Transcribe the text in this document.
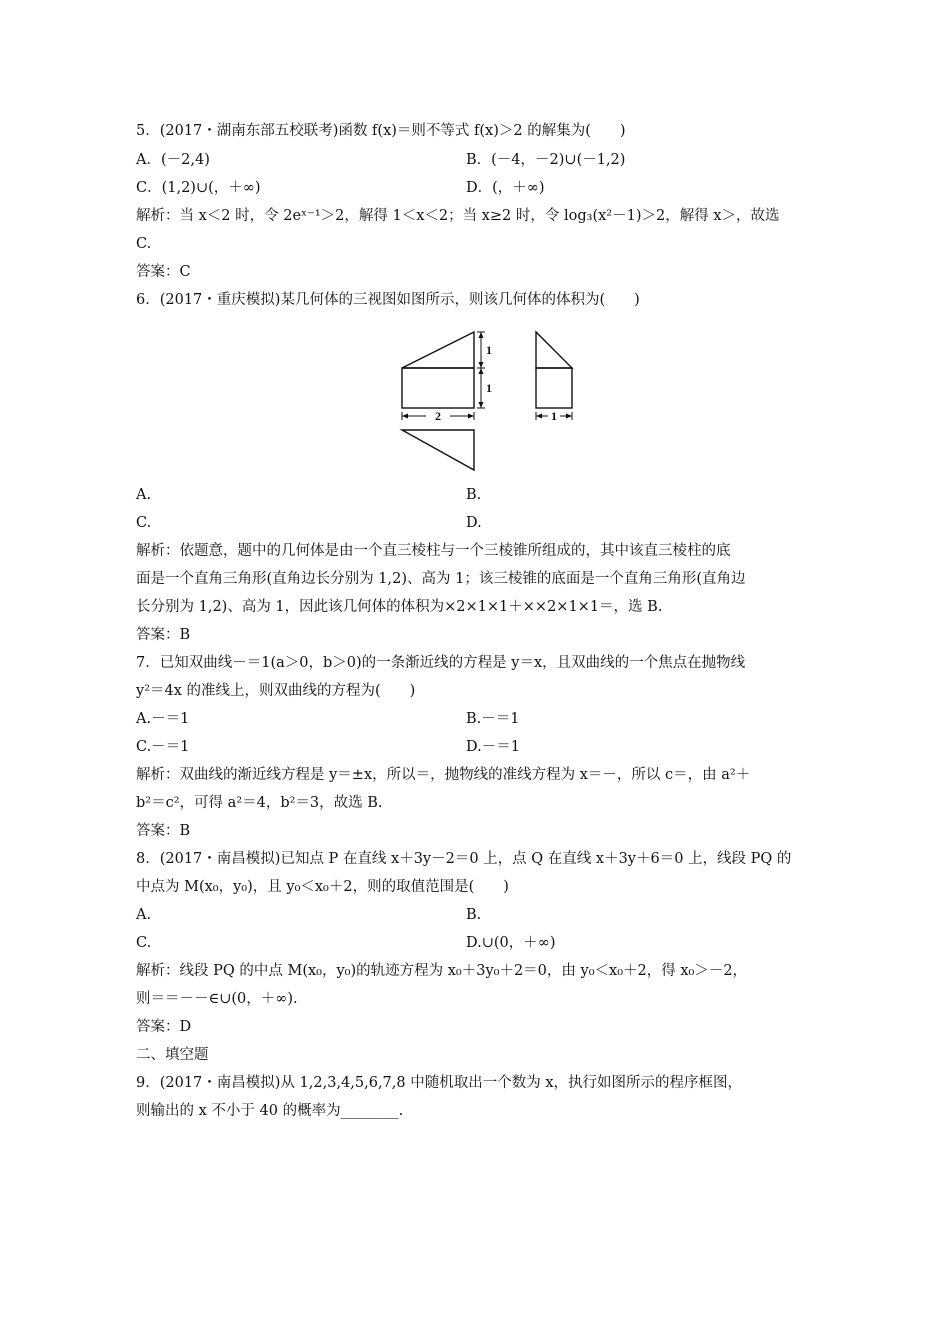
5．(2017・湖南东部五校联考)函数 f(x)＝则不等式 f(x)＞2 的解集为(　　)
A．(－2,4)	B．(－4，－2)∪(－1,2)
C．(1,2)∪(，＋∞)	D．(，＋∞)
解析：当 x＜2 时，令 2eˣ⁻¹＞2，解得 1＜x＜2；当 x≥2 时，令 log₃(x²－1)＞2，解得 x＞，故选
C.
答案：C
6．(2017・重庆模拟)某几何体的三视图如图所示，则该几何体的体积为(　　)
1
1
2	1
A.	B.
C.	D.
解析：依题意，题中的几何体是由一个直三棱柱与一个三棱锥所组成的，其中该直三棱柱的底
面是一个直角三角形(直角边长分别为 1,2)、高为 1；该三棱锥的底面是一个直角三角形(直角边
长分别为 1,2)、高为 1，因此该几何体的体积为×2×1×1＋××2×1×1＝，选 B.
答案：B
7．已知双曲线－＝1(a＞0，b＞0)的一条渐近线的方程是 y＝x，且双曲线的一个焦点在抛物线
y²＝4x 的准线上，则双曲线的方程为(　　)
A.－＝1	B.－＝1
C.－＝1	D.－＝1
解析：双曲线的渐近线方程是 y＝±x，所以＝，抛物线的准线方程为 x＝－，所以 c＝，由 a²＋
b²＝c²，可得 a²＝4，b²＝3，故选 B.
答案：B
8．(2017・南昌模拟)已知点 P 在直线 x＋3y－2＝0 上，点 Q 在直线 x＋3y＋6＝0 上，线段 PQ 的
中点为 M(x₀，y₀)，且 y₀＜x₀＋2，则的取值范围是(　　)
A.	B.
C.	D.∪(0，＋∞)
解析：线段 PQ 的中点 M(x₀，y₀)的轨迹方程为 x₀＋3y₀＋2＝0，由 y₀＜x₀＋2，得 x₀＞－2，
则＝＝－－∈∪(0，＋∞).
答案：D
二、填空题
9．(2017・南昌模拟)从 1,2,3,4,5,6,7,8 中随机取出一个数为 x，执行如图所示的程序框图，
则输出的 x 不小于 40 的概率为________.
